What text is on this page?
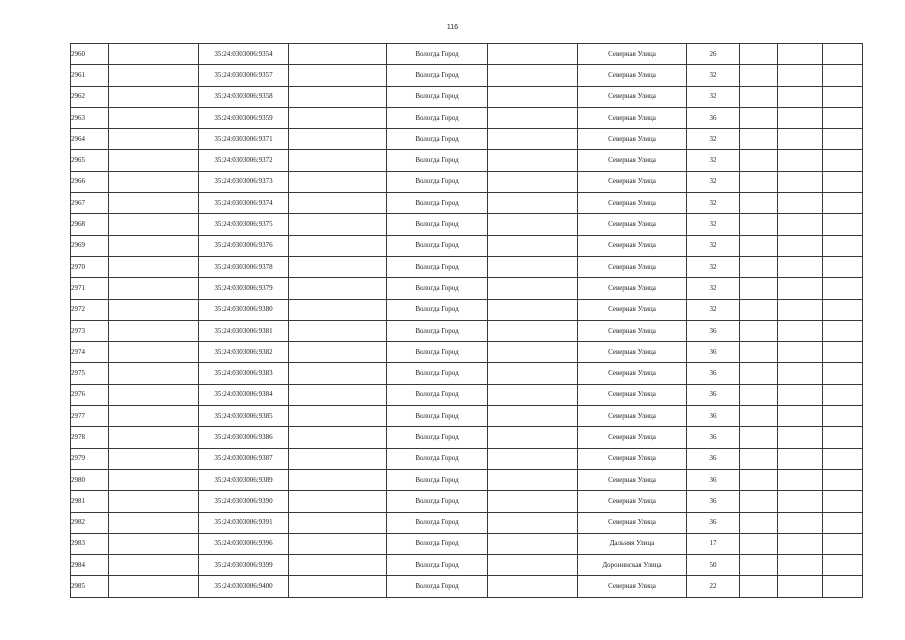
116
2960		35:24:0303006:9354		Вологда Город		Северная Улица	26			
2961		35:24:0303006:9357		Вологда Город		Северная Улица	32			
2962		35:24:0303006:9358		Вологда Город		Северная Улица	32			
2963		35:24:0303006:9359		Вологда Город		Северная Улица	36			
2964		35:24:0303006:9371		Вологда Город		Северная Улица	32			
2965		35:24:0303006:9372		Вологда Город		Северная Улица	32			
2966		35:24:0303006:9373		Вологда Город		Северная Улица	32			
2967		35:24:0303006:9374		Вологда Город		Северная Улица	32			
2968		35:24:0303006:9375		Вологда Город		Северная Улица	32			
2969		35:24:0303006:9376		Вологда Город		Северная Улица	32			
2970		35:24:0303006:9378		Вологда Город		Северная Улица	32			
2971		35:24:0303006:9379		Вологда Город		Северная Улица	32			
2972		35:24:0303006:9380		Вологда Город		Северная Улица	32			
2973		35:24:0303006:9381		Вологда Город		Северная Улица	36			
2974		35:24:0303006:9382		Вологда Город		Северная Улица	36			
2975		35:24:0303006:9383		Вологда Город		Северная Улица	36			
2976		35:24:0303006:9384		Вологда Город		Северная Улица	36			
2977		35:24:0303006:9385		Вологда Город		Северная Улица	36			
2978		35:24:0303006:9386		Вологда Город		Северная Улица	36			
2979		35:24:0303006:9387		Вологда Город		Северная Улица	36			
2980		35:24:0303006:9389		Вологда Город		Северная Улица	36			
2981		35:24:0303006:9390		Вологда Город		Северная Улица	36			
2982		35:24:0303006:9391		Вологда Город		Северная Улица	36			
2983		35:24:0303006:9396		Вологда Город		Дальняя Улица	17			
2984		35:24:0303006:9399		Вологда Город		Доронинская Улица	50			
2985		35:24:0303006:9400		Вологда Город		Северная Улица	22			
